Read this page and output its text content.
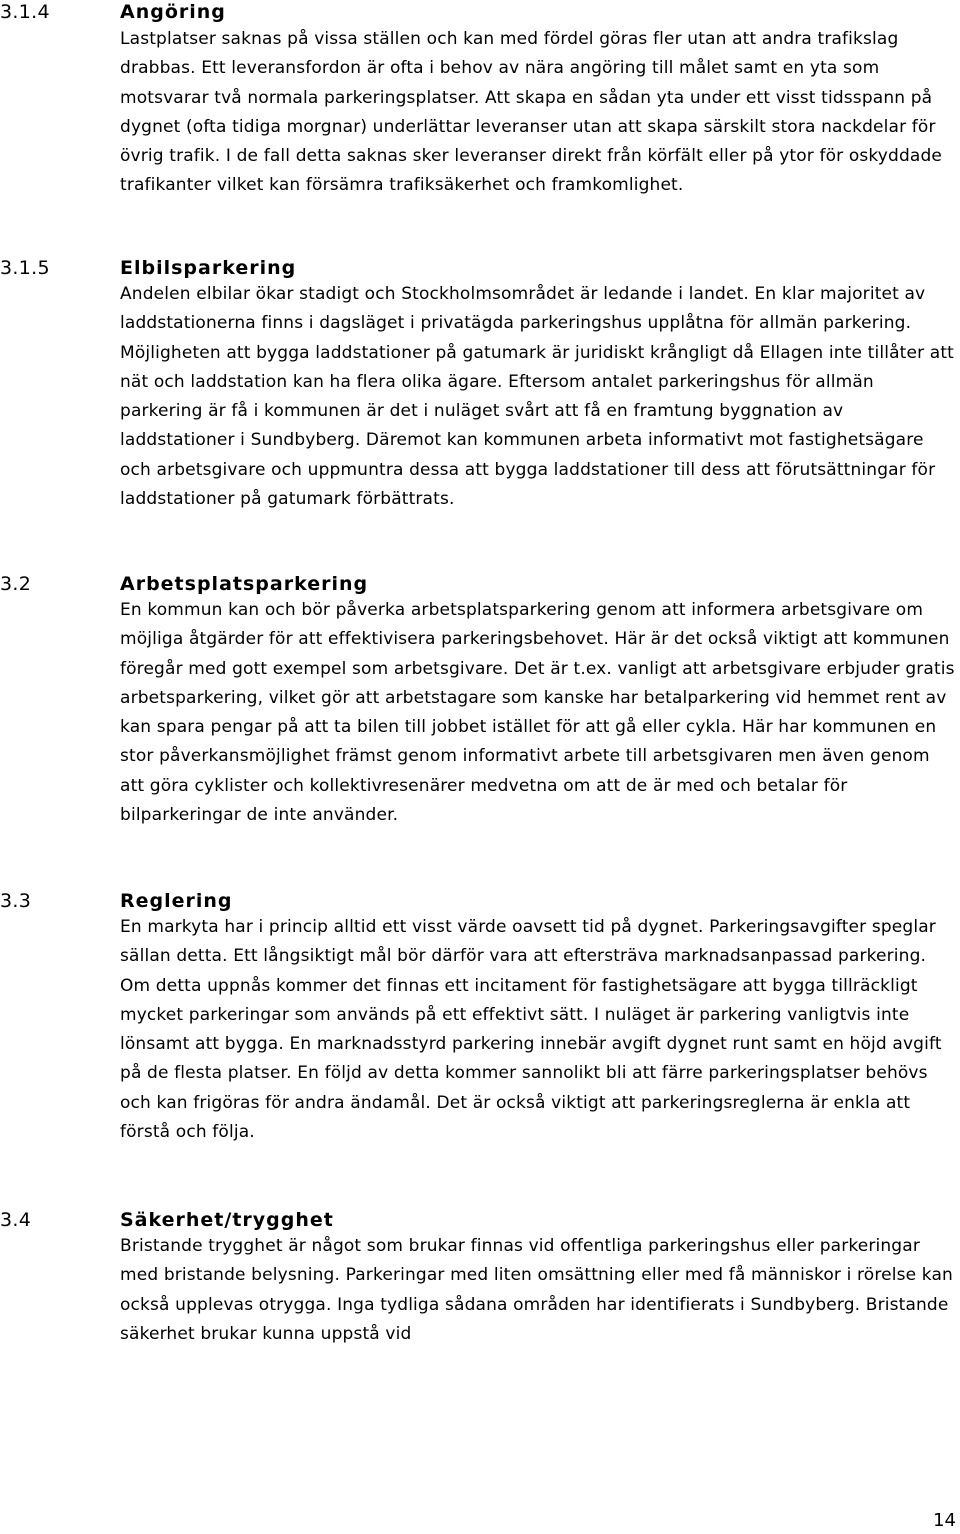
3.1.4	Angöring

Lastplatser saknas på vissa ställen och kan med fördel göras fler utan att andra trafikslag drabbas. Ett leveransfordon är ofta i behov av nära angöring till målet samt en yta som motsvarar två normala parkeringsplatser. Att skapa en sådan yta under ett visst tidsspann på dygnet (ofta tidiga morgnar) underlättar leveranser utan att skapa särskilt stora nackdelar för övrig trafik. I de fall detta saknas sker leveranser direkt från körfält eller på ytor för oskyddade trafikanter vilket kan försämra trafiksäkerhet och framkomlighet.

3.1.5	Elbilsparkering

Andelen elbilar ökar stadigt och Stockholmsområdet är ledande i landet. En klar majoritet av laddstationerna finns i dagsläget i privatägda parkeringshus upplåtna för allmän parkering. Möjligheten att bygga laddstationer på gatumark är juridiskt krångligt då Ellagen inte tillåter att nät och laddstation kan ha flera olika ägare. Eftersom antalet parkeringshus för allmän parkering är få i kommunen är det i nuläget svårt att få en framtung byggnation av laddstationer i Sundbyberg. Däremot kan kommunen arbeta informativt mot fastighetsägare och arbetsgivare och uppmuntra dessa att bygga laddstationer till dess att förutsättningar för laddstationer på gatumark förbättrats.

3.2	Arbetsplatsparkering

En kommun kan och bör påverka arbetsplatsparkering genom att informera arbetsgivare om möjliga åtgärder för att effektivisera parkeringsbehovet. Här är det också viktigt att kommunen föregår med gott exempel som arbetsgivare. Det är t.ex. vanligt att arbetsgivare erbjuder gratis arbetsparkering, vilket gör att arbetstagare som kanske har betalparkering vid hemmet rent av kan spara pengar på att ta bilen till jobbet istället för att gå eller cykla. Här har kommunen en stor påverkansmöjlighet främst genom informativt arbete till arbetsgivaren men även genom att göra cyklister och kollektivresenärer medvetna om att de är med och betalar för bilparkeringar de inte använder.

3.3	Reglering

En markyta har i princip alltid ett visst värde oavsett tid på dygnet. Parkeringsavgifter speglar sällan detta. Ett långsiktigt mål bör därför vara att eftersträva marknadsanpassad parkering. Om detta uppnås kommer det finnas ett incitament för fastighetsägare att bygga tillräckligt mycket parkeringar som används på ett effektivt sätt. I nuläget är parkering vanligtvis inte lönsamt att bygga. En marknadsstyrd parkering innebär avgift dygnet runt samt en höjd avgift på de flesta platser. En följd av detta kommer sannolikt bli att färre parkeringsplatser behövs och kan frigöras för andra ändamål. Det är också viktigt att parkeringsreglerna är enkla att förstå och följa.

3.4	Säkerhet/trygghet

Bristande trygghet är något som brukar finnas vid offentliga parkeringshus eller parkeringar med bristande belysning. Parkeringar med liten omsättning eller med få människor i rörelse kan också upplevas otrygga. Inga tydliga sådana områden har identifierats i Sundbyberg. Bristande säkerhet brukar kunna uppstå vid

14
